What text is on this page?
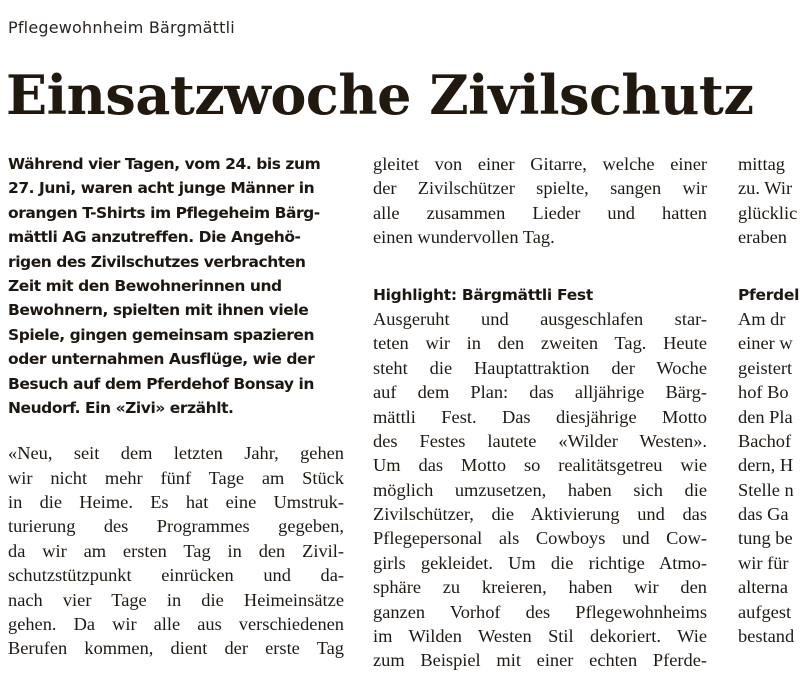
Pflegewohnheim Bärgmättli
Einsatzwoche Zivilschutz
Während vier Tagen, vom 24. bis zum
27. Juni, waren acht junge Männer in
orangen T-Shirts im Pflegeheim Bärg-
mättli AG anzutreffen. Die Angehö-
rigen des Zivilschutzes verbrachten
Zeit mit den Bewohnerinnen und
Bewohnern, spielten mit ihnen viele
Spiele, gingen gemeinsam spazieren
oder unternahmen Ausflüge, wie der
Besuch auf dem Pferdehof Bonsay in
Neudorf. Ein «Zivi» erzählt.
«Neu, seit dem letzten Jahr, gehen
wir nicht mehr fünf Tage am Stück
in die Heime. Es hat eine Umstruk-
turierung des Programmes gegeben,
da wir am ersten Tag in den Zivil-
schutzstützpunkt einrücken und da-
nach vier Tage in die Heimeinsätze
gehen. Da wir alle aus verschiedenen
Berufen kommen, dient der erste Tag
gleitet von einer Gitarre, welche einer
der Zivilschützer spielte, sangen wir
alle zusammen Lieder und hatten
einen wundervollen Tag.
Highlight: Bärgmättli Fest
Ausgeruht und ausgeschlafen star-
teten wir in den zweiten Tag. Heute
steht die Hauptattraktion der Woche
auf dem Plan: das alljährige Bärg-
mättli Fest. Das diesjährige Motto
des Festes lautete «Wilder Westen».
Um das Motto so realitätsgetreu wie
möglich umzusetzen, haben sich die
Zivilschützer, die Aktivierung und das
Pflegepersonal als Cowboys und Cow-
girls gekleidet. Um die richtige Atmo-
sphäre zu kreieren, haben wir den
ganzen Vorhof des Pflegewohnheims
im Wilden Westen Stil dekoriert. Wie
zum Beispiel mit einer echten Pferde-
mittag
zu. Wir
glücklic
eraben
Pferdel
Am dr
einer w
geistert
hof Bo
den Pla
Bachof
dern, H
Stelle n
das Ga
tung be
wir für
alterna
aufgest
bestand
